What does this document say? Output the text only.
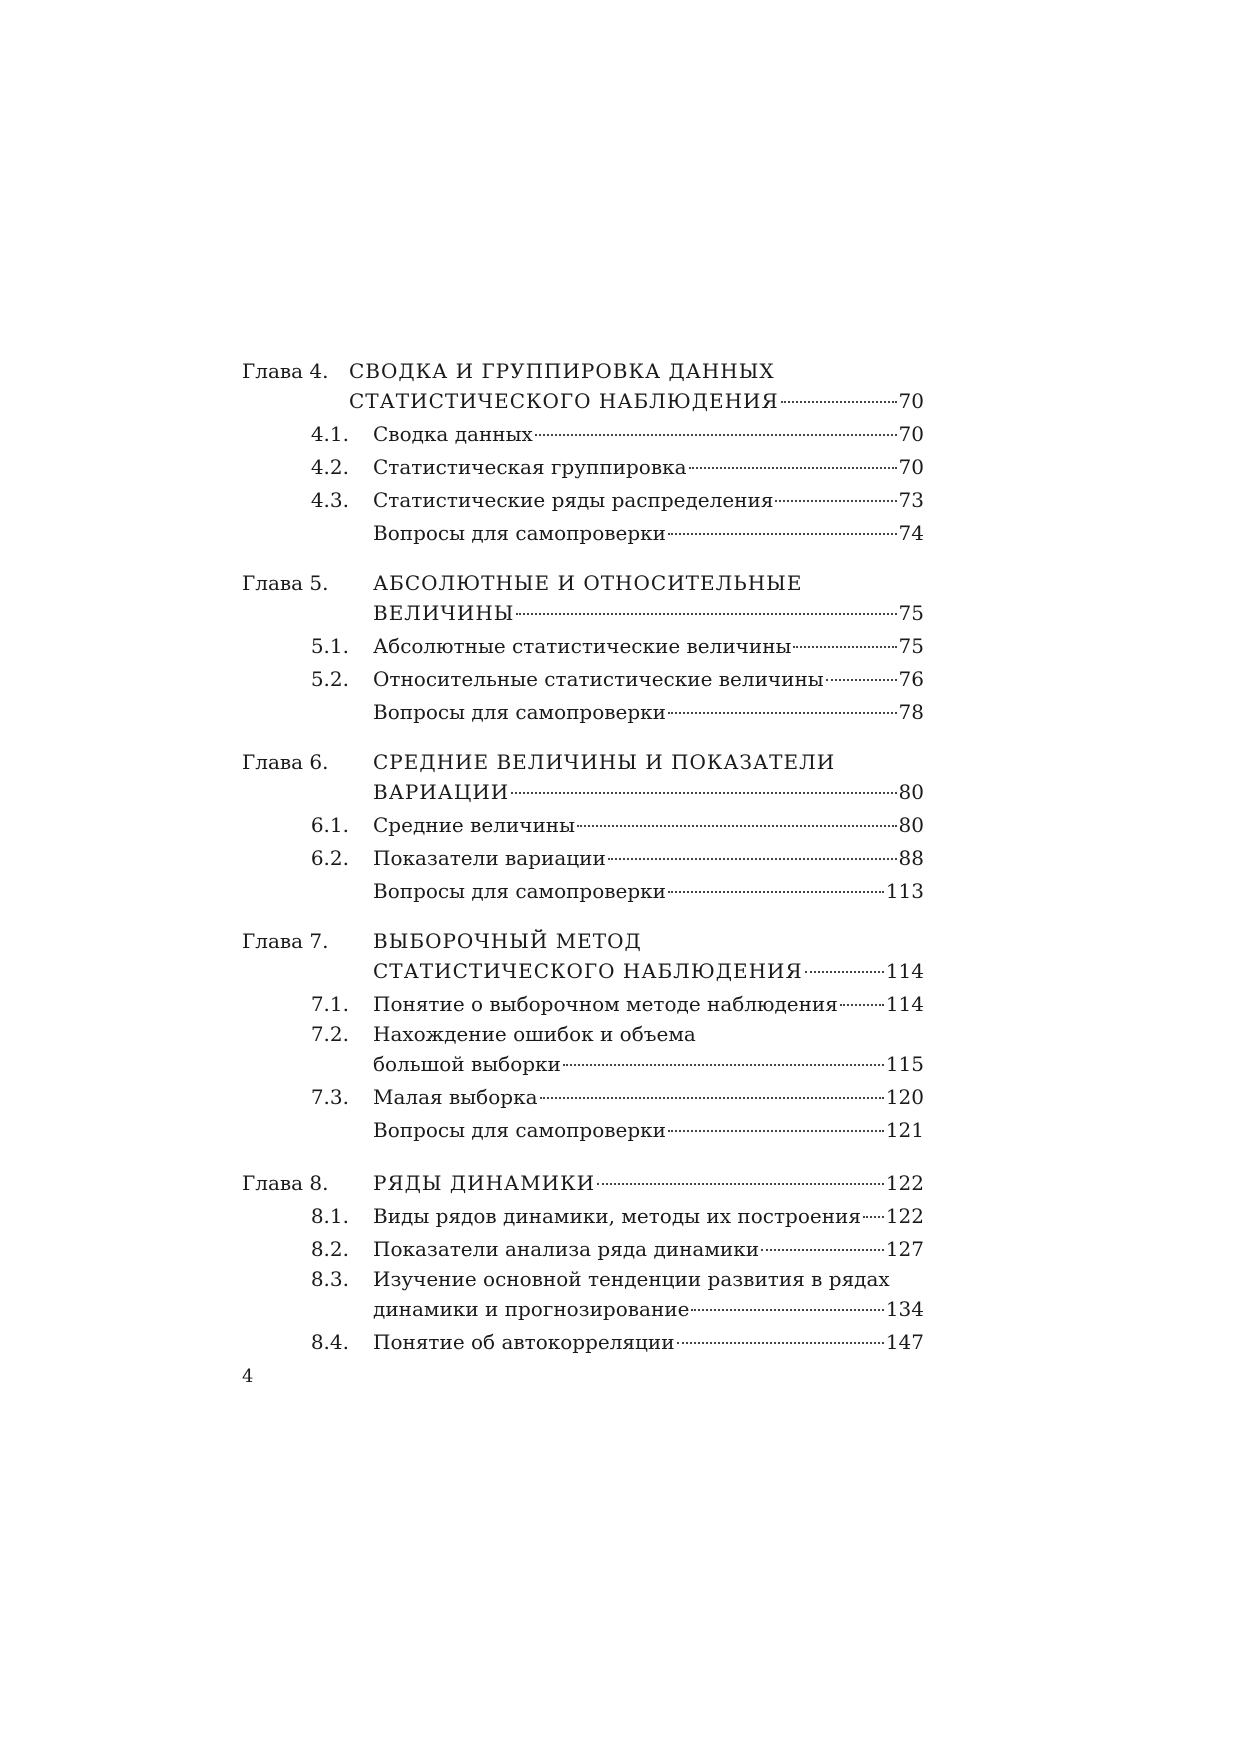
Глава 4.	СВОДКА И ГРУППИРОВКА ДАННЫХ
СТАТИСТИЧЕСКОГО НАБЛЮДЕНИЯ	70
4.1. Сводка данных	70
4.2. Статистическая группировка	70
4.3. Статистические ряды распределения	73
Вопросы для самопроверки	74
Глава 5.	АБСОЛЮТНЫЕ И ОТНОСИТЕЛЬНЫЕ
ВЕЛИЧИНЫ	75
5.1. Абсолютные статистические величины	75
5.2. Относительные статистические величины	76
Вопросы для самопроверки	78
Глава 6.	СРЕДНИЕ ВЕЛИЧИНЫ И ПОКАЗАТЕЛИ
ВАРИАЦИИ	80
6.1. Средние величины	80
6.2. Показатели вариации	88
Вопросы для самопроверки	113
Глава 7.	ВЫБОРОЧНЫЙ МЕТОД
СТАТИСТИЧЕСКОГО НАБЛЮДЕНИЯ	114
7.1. Понятие о выборочном методе наблюдения 114
7.2.	Нахождение ошибок и объема
большой выборки	115
7.3. Малая выборка	120
Вопросы для самопроверки	121
Глава 8.	РЯДЫ ДИНАМИКИ	122
8.1. Виды рядов динамики, методы их построения 122
8.2. Показатели анализа ряда динамики	127
8.3.	Изучение основной тенденции развития в рядах
динамики и прогнозирование	134
8.4. Понятие об автокорреляции	147
4
